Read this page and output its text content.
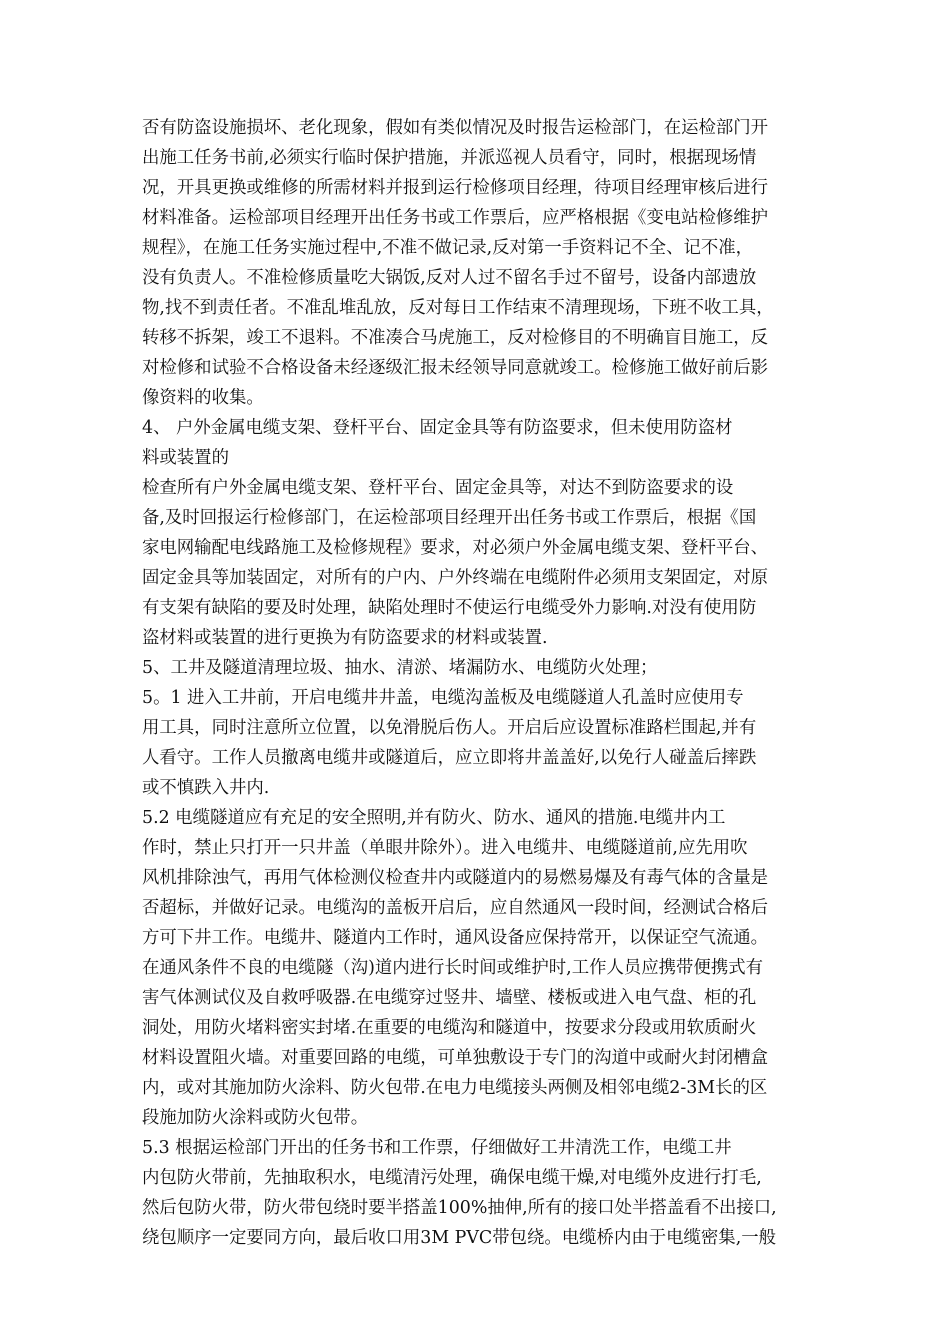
否有防盗设施损坏、老化现象，假如有类似情况及时报告运检部门，在运检部门开
出施工任务书前,必须实行临时保护措施，并派巡视人员看守，同时，根据现场情
况，开具更换或维修的所需材料并报到运行检修项目经理，待项目经理审核后进行
材料准备。运检部项目经理开出任务书或工作票后，应严格根据《变电站检修维护
规程》，在施工任务实施过程中,不准不做记录,反对第一手资料记不全、记不准，
没有负责人。不准检修质量吃大锅饭,反对人过不留名手过不留号，设备内部遗放
物,找不到责任者。不准乱堆乱放，反对每日工作结束不清理现场，下班不收工具，
转移不拆架，竣工不退料。不准凑合马虎施工，反对检修目的不明确盲目施工，反
对检修和试验不合格设备未经逐级汇报未经领导同意就竣工。检修施工做好前后影
像资料的收集。

4、 户外金属电缆支架、登杆平台、固定金具等有防盗要求，但未使用防盗材
料或装置的

检查所有户外金属电缆支架、登杆平台、固定金具等，对达不到防盗要求的设
备,及时回报运行检修部门，在运检部项目经理开出任务书或工作票后，根据《国
家电网输配电线路施工及检修规程》要求，对必须户外金属电缆支架、登杆平台、
固定金具等加装固定，对所有的户内、户外终端在电缆附件必须用支架固定，对原
有支架有缺陷的要及时处理，缺陷处理时不使运行电缆受外力影响.对没有使用防
盗材料或装置的进行更换为有防盗要求的材料或装置.

5、工井及隧道清理垃圾、抽水、清淤、堵漏防水、电缆防火处理；

5。1 进入工井前，开启电缆井井盖，电缆沟盖板及电缆隧道人孔盖时应使用专
用工具，同时注意所立位置，以免滑脱后伤人。开启后应设置标准路栏围起,并有
人看守。工作人员撤离电缆井或隧道后，应立即将井盖盖好,以免行人碰盖后摔跌
或不慎跌入井内.

5.2 电缆隧道应有充足的安全照明,并有防火、防水、通风的措施.电缆井内工
作时，禁止只打开一只井盖（单眼井除外）。进入电缆井、电缆隧道前,应先用吹
风机排除浊气，再用气体检测仪检查井内或隧道内的易燃易爆及有毒气体的含量是
否超标，并做好记录。电缆沟的盖板开启后，应自然通风一段时间，经测试合格后
方可下井工作。电缆井、隧道内工作时，通风设备应保持常开，以保证空气流通。
在通风条件不良的电缆隧（沟)道内进行长时间或维护时,工作人员应携带便携式有
害气体测试仪及自救呼吸器.在电缆穿过竖井、墙壁、楼板或进入电气盘、柜的孔
洞处，用防火堵料密实封堵.在重要的电缆沟和隧道中，按要求分段或用软质耐火
材料设置阻火墙。对重要回路的电缆，可单独敷设于专门的沟道中或耐火封闭槽盒
内，或对其施加防火涂料、防火包带.在电力电缆接头两侧及相邻电缆2-3M长的区
段施加防火涂料或防火包带。

5.3 根据运检部门开出的任务书和工作票，仔细做好工井清洗工作，电缆工井
内包防火带前，先抽取积水，电缆清污处理，确保电缆干燥,对电缆外皮进行打毛,
然后包防火带，防火带包绕时要半搭盖100%抽伸,所有的接口处半搭盖看不出接口,
绕包顺序一定要同方向，最后收口用3M PVC带包绕。电缆桥内由于电缆密集,一般
